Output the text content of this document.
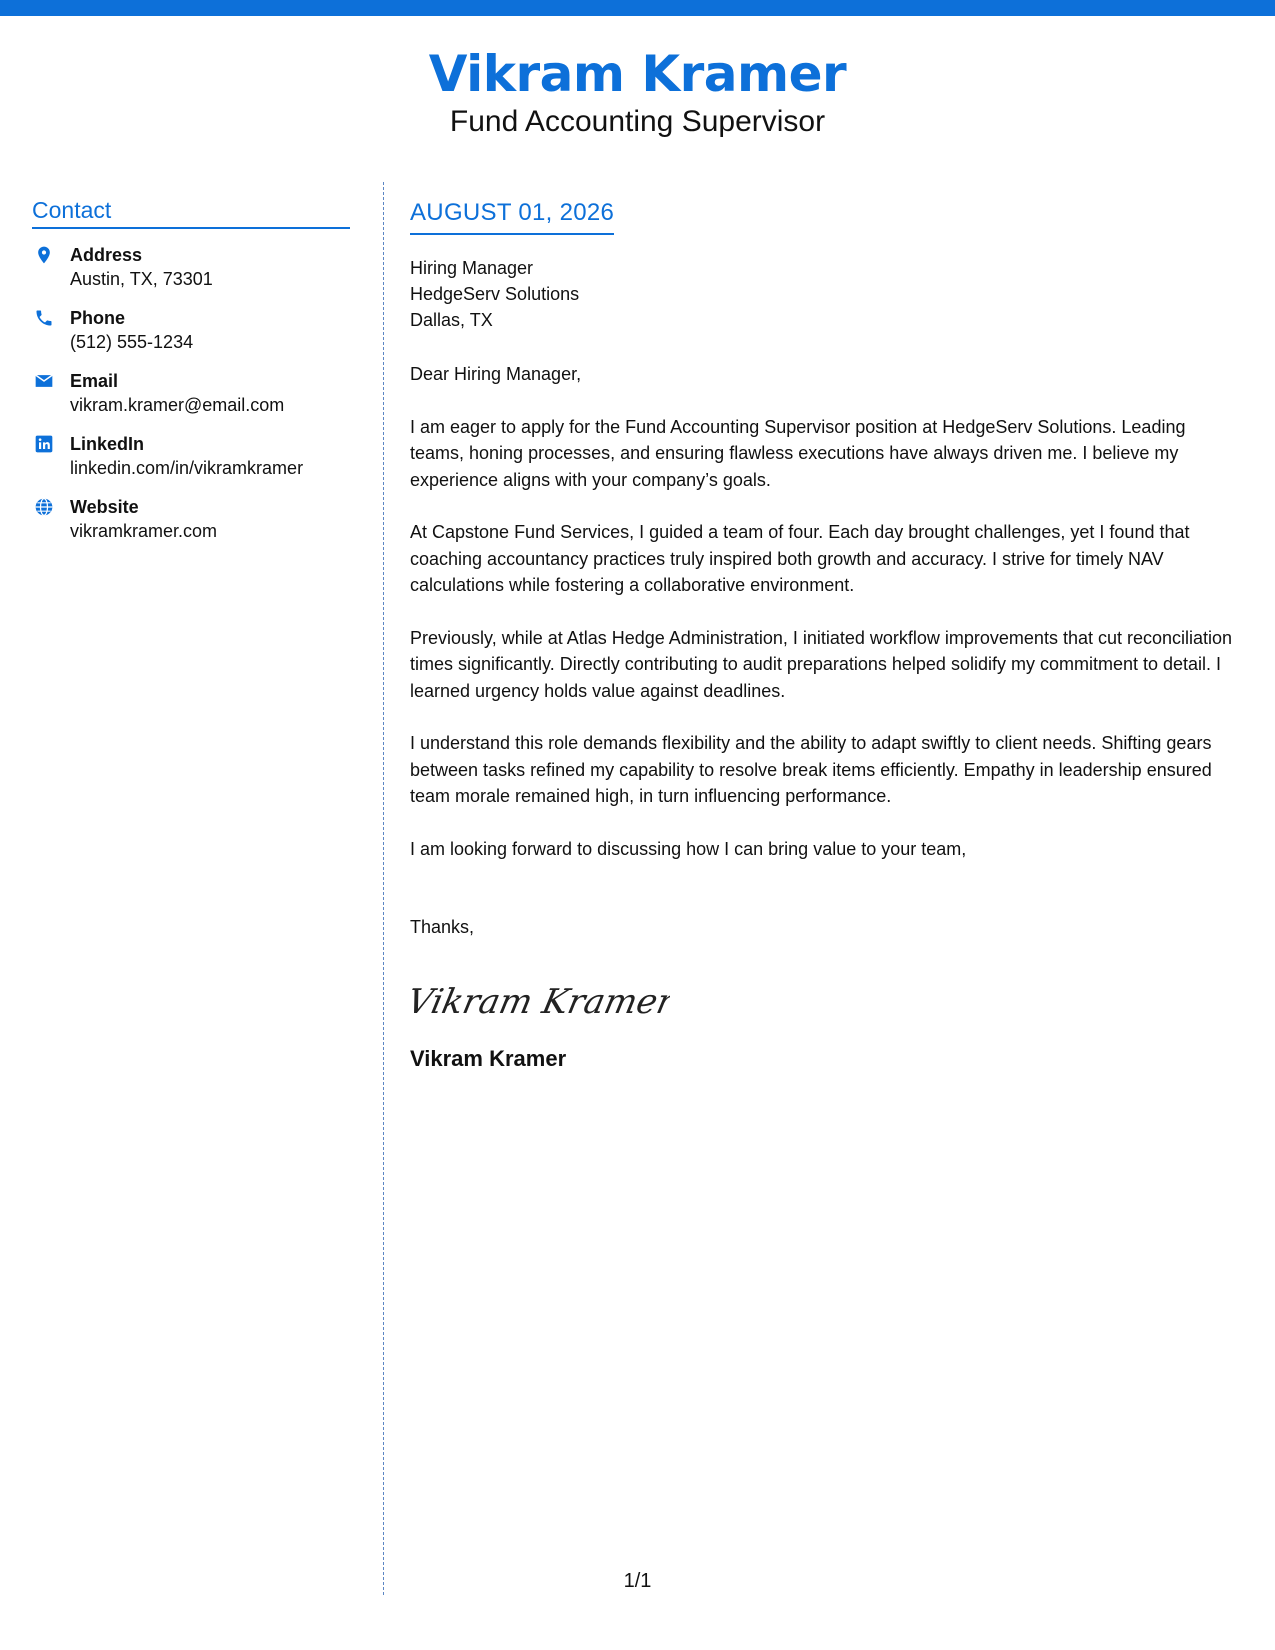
Vikram Kramer
Fund Accounting Supervisor
Contact
Address
Austin, TX, 73301
Phone
(512) 555-1234
Email
vikram.kramer@email.com
LinkedIn
linkedin.com/in/vikramkramer
Website
vikramkramer.com
AUGUST 01, 2026
Hiring Manager
HedgeServ Solutions
Dallas, TX
Dear Hiring Manager,
I am eager to apply for the Fund Accounting Supervisor position at HedgeServ Solutions. Leading teams, honing processes, and ensuring flawless executions have always driven me. I believe my experience aligns with your company’s goals.
At Capstone Fund Services, I guided a team of four. Each day brought challenges, yet I found that coaching accountancy practices truly inspired both growth and accuracy. I strive for timely NAV calculations while fostering a collaborative environment.
Previously, while at Atlas Hedge Administration, I initiated workflow improvements that cut reconciliation times significantly. Directly contributing to audit preparations helped solidify my commitment to detail. I learned urgency holds value against deadlines.
I understand this role demands flexibility and the ability to adapt swiftly to client needs. Shifting gears between tasks refined my capability to resolve break items efficiently. Empathy in leadership ensured team morale remained high, in turn influencing performance.
I am looking forward to discussing how I can bring value to your team,
Thanks,
Vikram Kramer
Vikram Kramer
1/1
